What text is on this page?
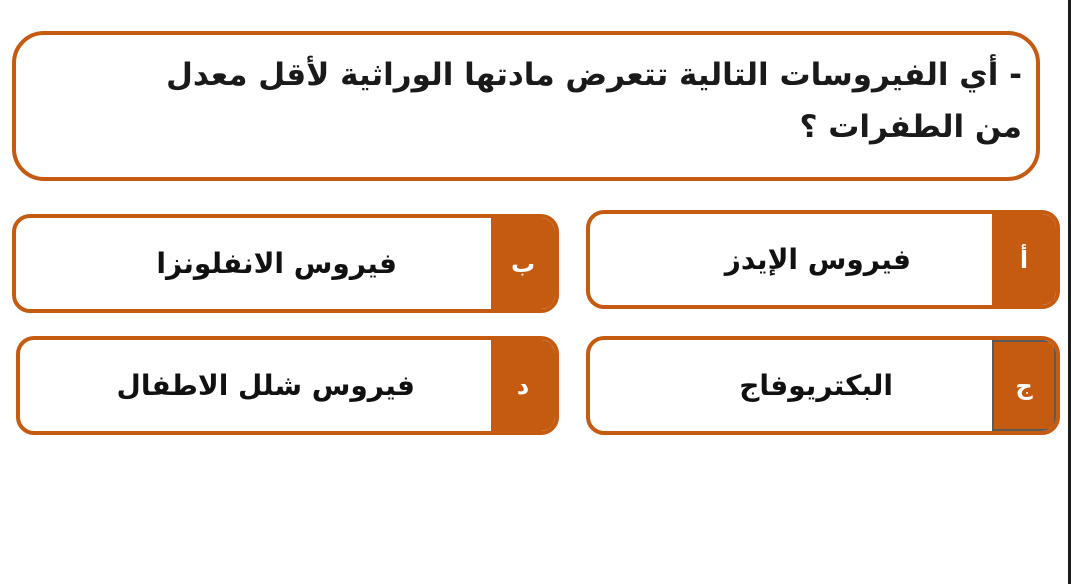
- أي الفيروسات التالية تتعرض مادتها الوراثية لأقل معدل من الطفرات ؟

أ
فيروس الإيدز
ب
فيروس الانفلونزا
ج
البكتريوفاج
د
فيروس شلل الاطفال
